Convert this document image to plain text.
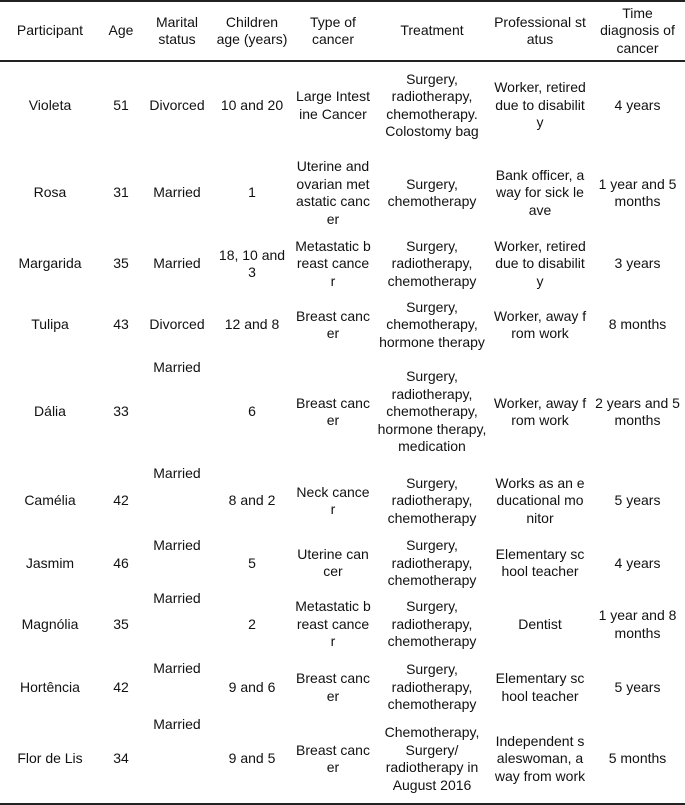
Participant	Age	Marital status	Children age (years)	Type of cancer	Treatment	Professional status	Time diagnosis of cancer
Violeta	51	Divorced	10 and 20	Large Intestine Cancer	Surgery, radiotherapy, chemotherapy. Colostomy bag	Worker, retired due to disability	4 years
Rosa	31	Married	1	Uterine and ovarian metastatic cancer	Surgery, chemotherapy	Bank officer, away for sick leave	1 year and 5 months
Margarida	35	Married	18, 10 and 3	Metastatic breast cancer	Surgery, radiotherapy, chemotherapy	Worker, retired due to disability	3 years
Tulipa	43	Divorced	12 and 8	Breast cancer	Surgery, chemotherapy, hormone therapy	Worker, away from work	8 months
Dália	33	Married	6	Breast cancer	Surgery, radiotherapy, chemotherapy, hormone therapy, medication	Worker, away from work	2 years and 5 months
Camélia	42	Married	8 and 2	Neck cancer	Surgery, radiotherapy, chemotherapy	Works as an educational monitor	5 years
Jasmim	46	Married	5	Uterine cancer	Surgery, radiotherapy, chemotherapy	Elementary school teacher	4 years
Magnólia	35	Married	2	Metastatic breast cancer	Surgery, radiotherapy, chemotherapy	Dentist	1 year and 8 months
Hortência	42	Married	9 and 6	Breast cancer	Surgery, radiotherapy, chemotherapy	Elementary school teacher	5 years
Flor de Lis	34	Married	9 and 5	Breast cancer	Chemotherapy, Surgery/ radiotherapy in August 2016	Independent saleswoman, away from work	5 months
